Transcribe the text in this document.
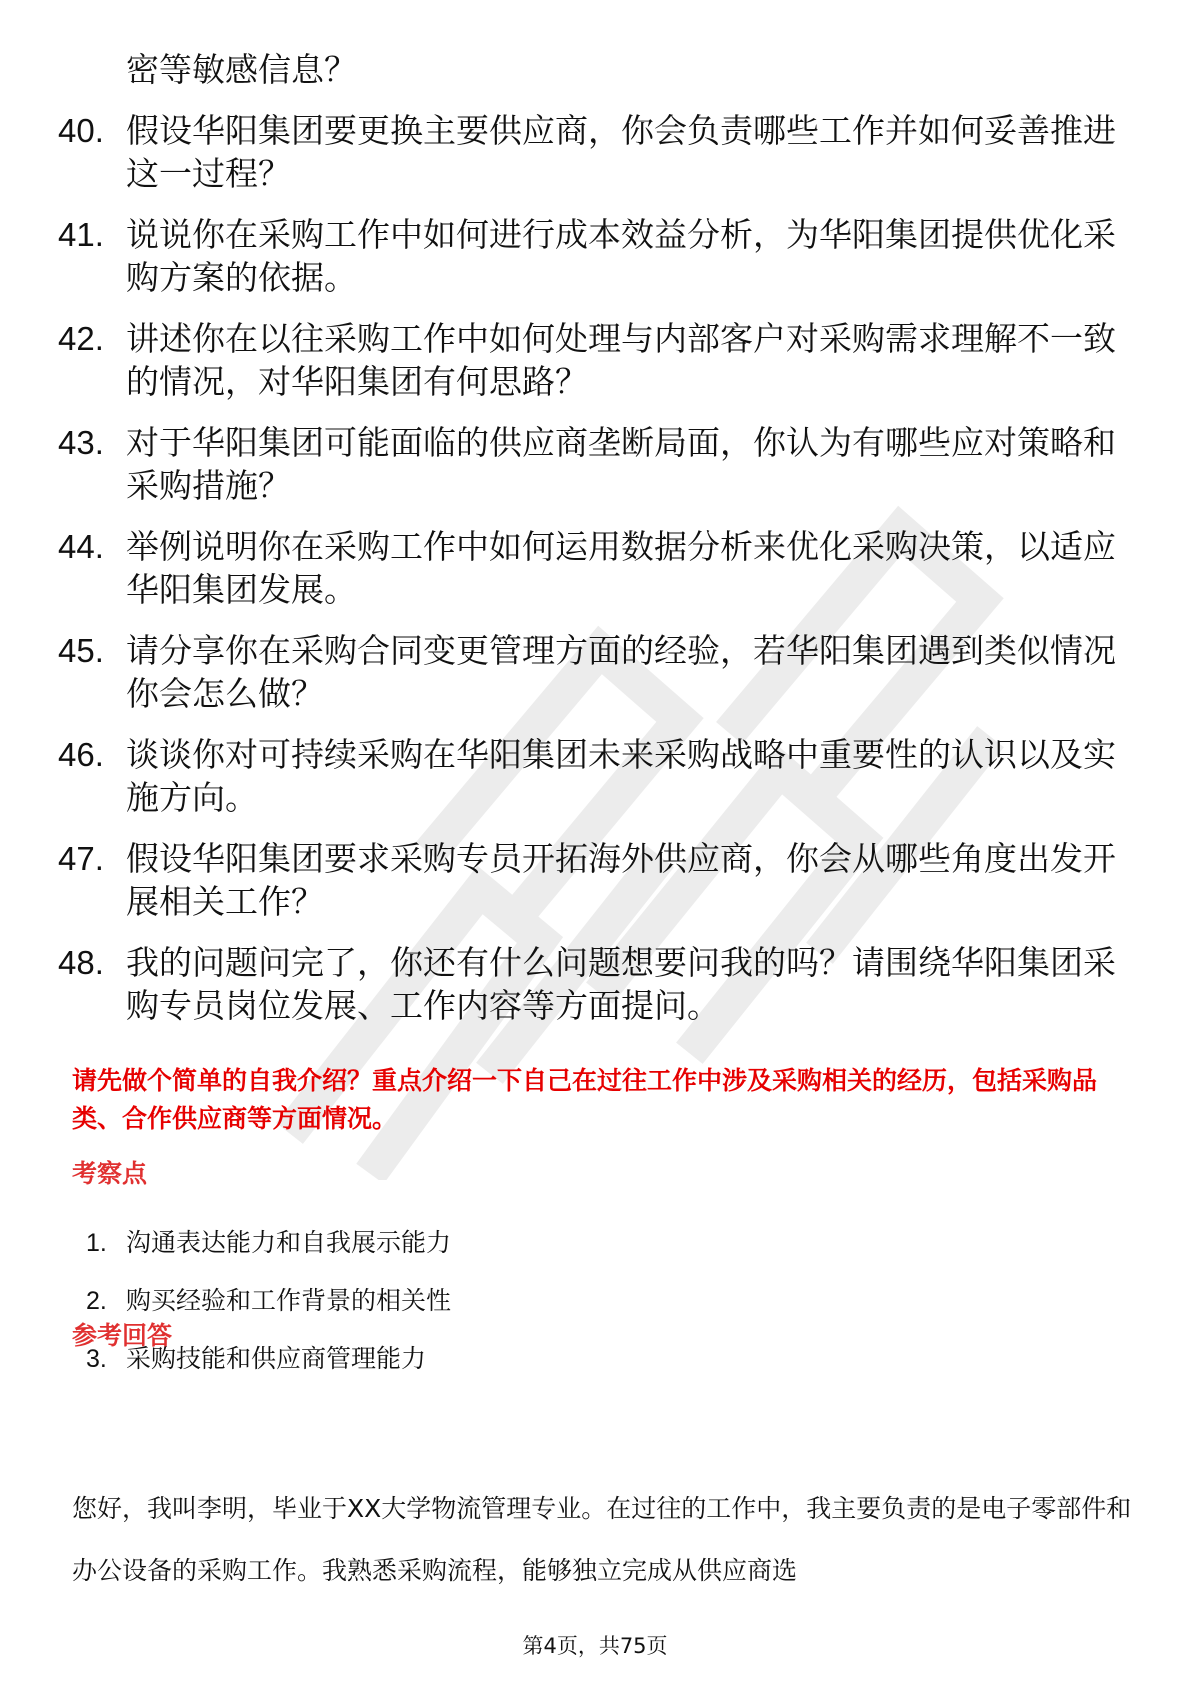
密等敏感信息？
40. 假设华阳集团要更换主要供应商，你会负责哪些工作并如何妥善推进这一过程？
41. 说说你在采购工作中如何进行成本效益分析，为华阳集团提供优化采购方案的依据。
42. 讲述你在以往采购工作中如何处理与内部客户对采购需求理解不一致的情况，对华阳集团有何思路？
43. 对于华阳集团可能面临的供应商垄断局面，你认为有哪些应对策略和采购措施？
44. 举例说明你在采购工作中如何运用数据分析来优化采购决策，以适应华阳集团发展。
45. 请分享你在采购合同变更管理方面的经验，若华阳集团遇到类似情况你会怎么做？
46. 谈谈你对可持续采购在华阳集团未来采购战略中重要性的认识以及实施方向。
47. 假设华阳集团要求采购专员开拓海外供应商，你会从哪些角度出发开展相关工作？
48. 我的问题问完了，你还有什么问题想要问我的吗？请围绕华阳集团采购专员岗位发展、工作内容等方面提问。
请先做个简单的自我介绍？重点介绍一下自己在过往工作中涉及采购相关的经历，包括采购品类、合作供应商等方面情况。
考察点
1. 沟通表达能力和自我展示能力
2. 购买经验和工作背景的相关性
3. 采购技能和供应商管理能力
参考回答
您好，我叫李明，毕业于XX大学物流管理专业。在过往的工作中，我主要负责的是电子零部件和办公设备的采购工作。我熟悉采购流程，能够独立完成从供应商选
第4页，共75页
